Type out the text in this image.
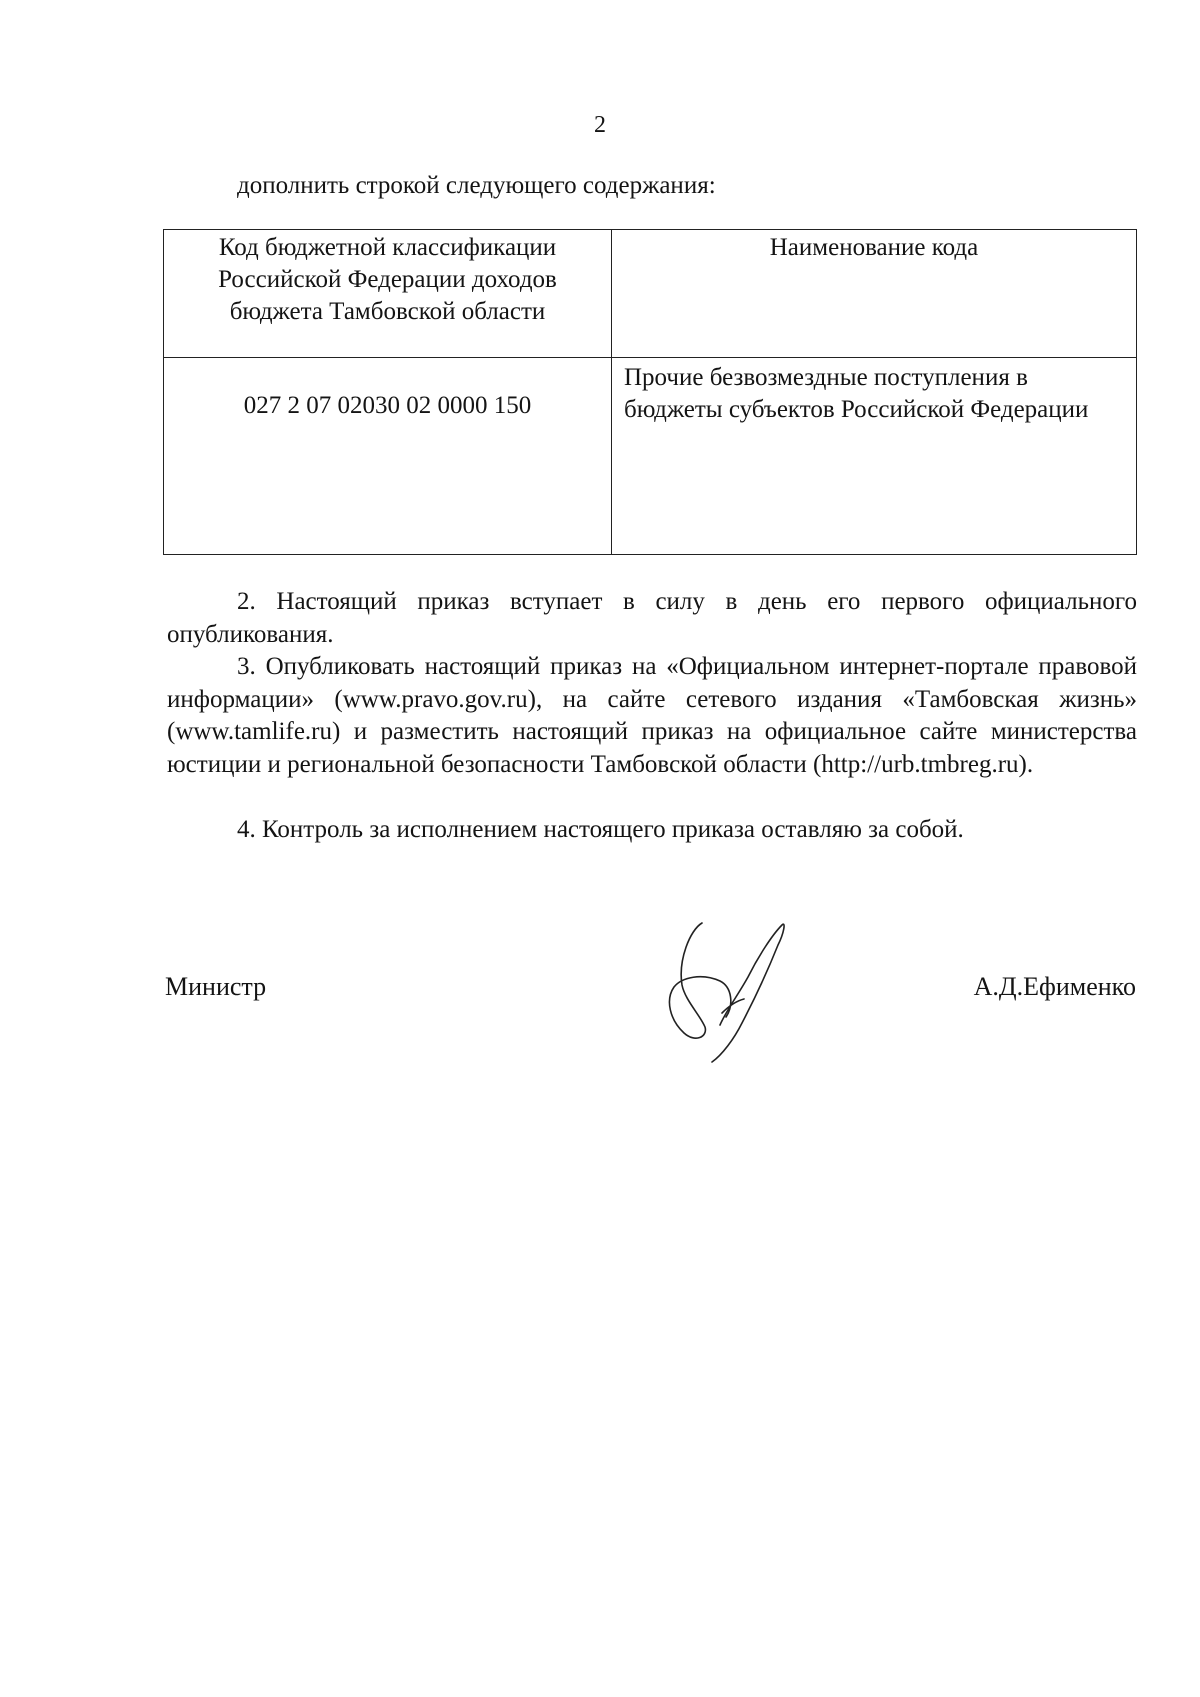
2
дополнить строкой следующего содержания:
Код бюджетной классификации Российской Федерации доходов бюджета Тамбовской области	Наименование кода
027 2 07 02030 02 0000 150	Прочие безвозмездные поступления в бюджеты субъектов Российской Федерации
2. Настоящий приказ вступает в силу в день его первого официального опубликования.
3. Опубликовать настоящий приказ на «Официальном интернет-портале правовой информации» (www.pravo.gov.ru), на сайте сетевого издания «Тамбовская жизнь» (www.tamlife.ru) и разместить настоящий приказ на официальное сайте министерства юстиции и региональной безопасности Тамбовской области (http://urb.tmbreg.ru).
4. Контроль за исполнением настоящего приказа оставляю за собой.
Министр	А.Д.Ефименко
